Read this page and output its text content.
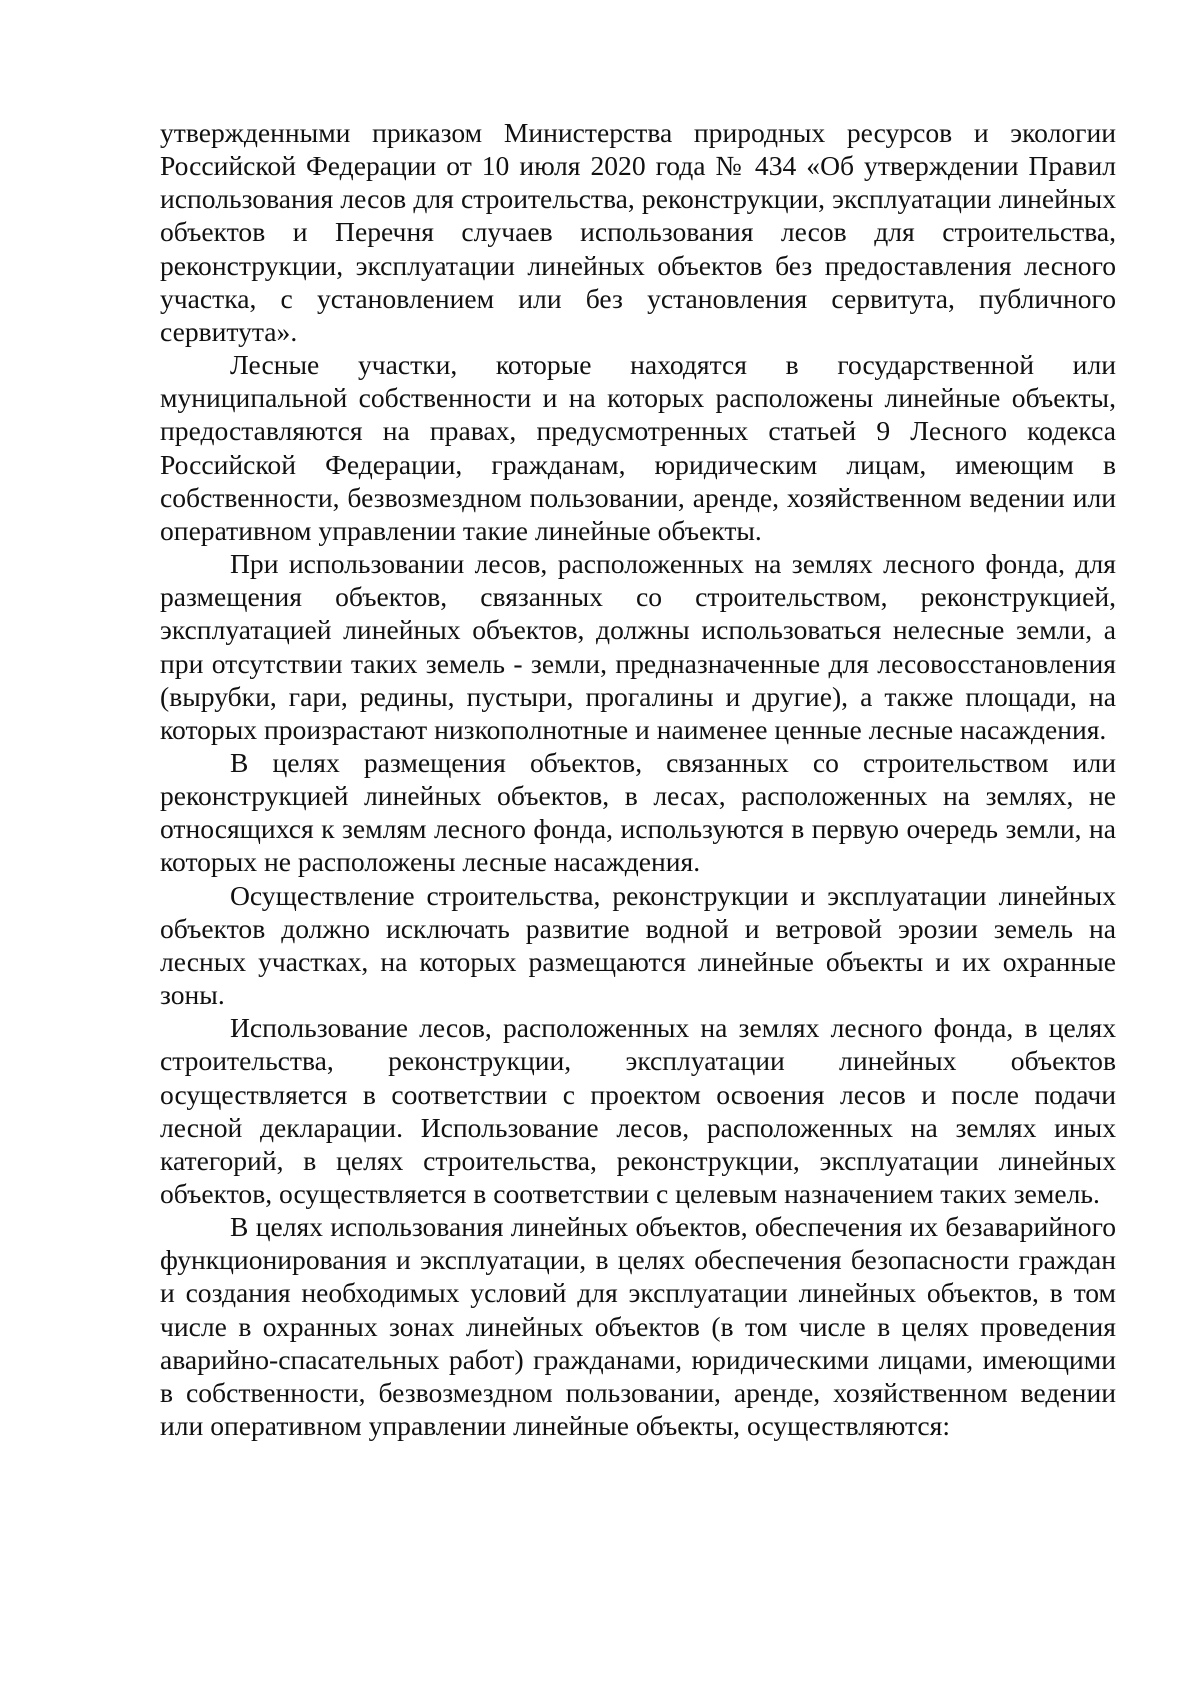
утвержденными приказом Министерства природных ресурсов и экологии Российской Федерации от 10 июля 2020 года № 434 «Об утверждении Правил использования лесов для строительства, реконструкции, эксплуатации линейных объектов и Перечня случаев использования лесов для строительства, реконструкции, эксплуатации линейных объектов без предоставления лесного участка, с установлением или без установления сервитута, публичного сервитута».

Лесные участки, которые находятся в государственной или муниципальной собственности и на которых расположены линейные объекты, предоставляются на правах, предусмотренных статьей 9 Лесного кодекса Российской Федерации, гражданам, юридическим лицам, имеющим в собственности, безвозмездном пользовании, аренде, хозяйственном ведении или оперативном управлении такие линейные объекты.

При использовании лесов, расположенных на землях лесного фонда, для размещения объектов, связанных со строительством, реконструкцией, эксплуатацией линейных объектов, должны использоваться нелесные земли, а при отсутствии таких земель - земли, предназначенные для лесовосстановления (вырубки, гари, редины, пустыри, прогалины и другие), а также площади, на которых произрастают низкополнотные и наименее ценные лесные насаждения.

В целях размещения объектов, связанных со строительством или реконструкцией линейных объектов, в лесах, расположенных на землях, не относящихся к землям лесного фонда, используются в первую очередь земли, на которых не расположены лесные насаждения.

Осуществление строительства, реконструкции и эксплуатации линейных объектов должно исключать развитие водной и ветровой эрозии земель на лесных участках, на которых размещаются линейные объекты и их охранные зоны.

Использование лесов, расположенных на землях лесного фонда, в целях строительства, реконструкции, эксплуатации линейных объектов осуществляется в соответствии с проектом освоения лесов и после подачи лесной декларации. Использование лесов, расположенных на землях иных категорий, в целях строительства, реконструкции, эксплуатации линейных объектов, осуществляется в соответствии с целевым назначением таких земель.

В целях использования линейных объектов, обеспечения их безаварийного функционирования и эксплуатации, в целях обеспечения безопасности граждан и создания необходимых условий для эксплуатации линейных объектов, в том числе в охранных зонах линейных объектов (в том числе в целях проведения аварийно-спасательных работ) гражданами, юридическими лицами, имеющими в собственности, безвозмездном пользовании, аренде, хозяйственном ведении или оперативном управлении линейные объекты, осуществляются:
